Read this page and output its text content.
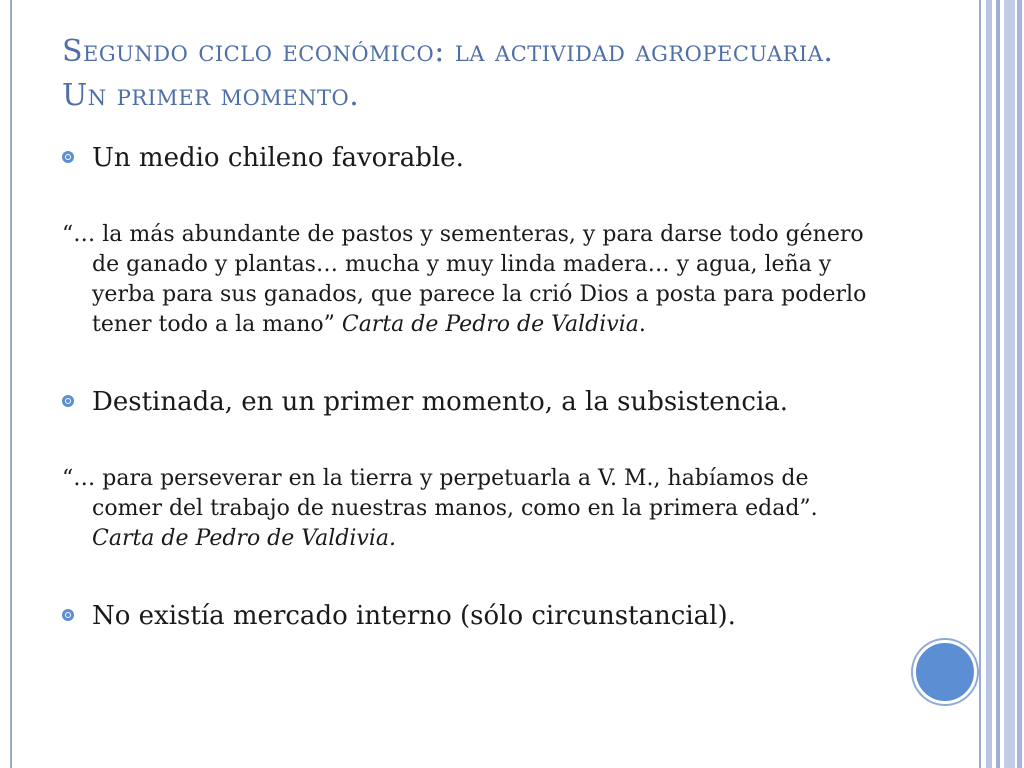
Segundo ciclo económico: la actividad agropecuaria. Un primer momento.

Un medio chileno favorable.

“… la más abundante de pastos y sementeras, y para darse todo género de ganado y plantas… mucha y muy linda madera… y agua, leña y yerba para sus ganados, que parece la crió Dios a posta para poderlo tener todo a la mano” Carta de Pedro de Valdivia.

Destinada, en un primer momento, a la subsistencia.

“… para perseverar en la tierra y perpetuarla a V. M., habíamos de comer del trabajo de nuestras manos, como en la primera edad”. Carta de Pedro de Valdivia.

No existía mercado interno (sólo circunstancial).
